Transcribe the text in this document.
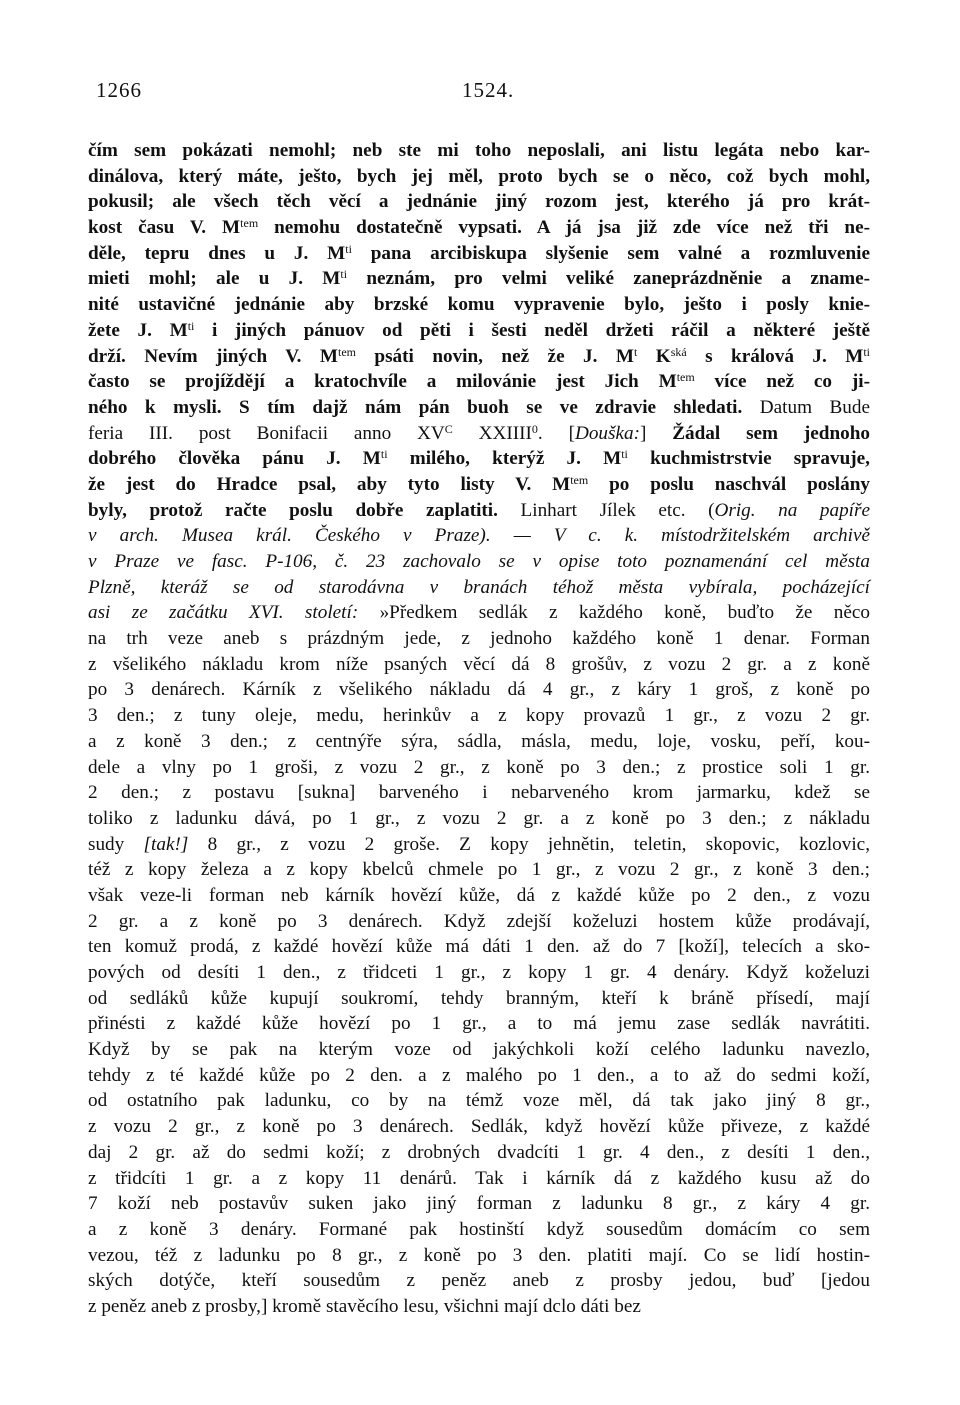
1266	1524.
čím sem pokázati nemohl; neb ste mi toho neposlali, ani listu legáta nebo kar-
dinálova, který máte, ješto, bych jej měl, proto bych se o něco, což bych mohl,
pokusil; ale všech těch věcí a jednánie jiný rozom jest, kterého já pro krát-
kost času V. $M^{tem}$ nemohu dostatečně vypsati. A já jsa již zde více než tři ne-
děle, tepru dnes u J. $M^{ti}$ pana arcibiskupa slyšenie sem valné a rozmluvenie
mieti mohl; ale u J. $M^{ti}$ neznám, pro velmi veliké zaneprázdněnie a zname-
nité ustavičné jednánie aby brzské komu vypravenie bylo, ješto i posly knie-
žete J. $M^{ti}$ i jiných pánuov od pěti i šesti neděl držeti ráčil a některé ještě
drží. Nevím jiných V. $M^{tem}$ psáti novin, než že J. $M^t$ $K^{ská}$ s králová J. $M^{ti}$
často se projíždějí a kratochvíle a milovánie jest Jich $M^{tem}$ více než co ji-
ného k mysli. S tím dajž nám pán buoh se ve zdravie shledati. Datum Bude
feria III. post Bonifacii anno $XV^C$ XXIIII$^0$. [Douška:] Žádal sem jednoho
dobrého člověka pánu J. $M^{ti}$ milého, kterýž J. $M^{ti}$ kuchmistrstvie spravuje,
že jest do Hradce psal, aby tyto listy V. $M^{tem}$ po poslu naschvál poslány
byly, protož račte poslu dobře zaplatiti. Linhart Jílek etc. (Orig. na papíře
v arch. Musea král. Českého v Praze). — V c. k. místodržitelském archivě
v Praze ve fasc. P-106, č. 23 zachovalo se v opise toto poznamenání cel města
Plzně, kteráž se od starodávna v branách téhož města vybírala, pocházející
asi ze začátku XVI. století: »Předkem sedlák z každého koně, buďto že něco
na trh veze aneb s prázdným jede, z jednoho každého koně 1 denar. Forman
z všelikého nákladu krom níže psaných věcí dá 8 grošův, z vozu 2 gr. a z koně
po 3 denárech. Kárník z všelikého nákladu dá 4 gr., z káry 1 groš, z koně po
3 den.; z tuny oleje, medu, herinkův a z kopy provazů 1 gr., z vozu 2 gr.
a z koně 3 den.; z centnýře sýra, sádla, másla, medu, loje, vosku, peří, kou-
dele a vlny po 1 groši, z vozu 2 gr., z koně po 3 den.; z prostice soli 1 gr.
2 den.; z postavu [sukna] barveného i nebarveného krom jarmarku, kdež se
toliko z ladunku dává, po 1 gr., z vozu 2 gr. a z koně po 3 den.; z nákladu
sudy [tak!] 8 gr., z vozu 2 groše. Z kopy jehnětin, teletin, skopovic, kozlovic,
též z kopy železa a z kopy kbelců chmele po 1 gr., z vozu 2 gr., z koně 3 den.;
však veze-li forman neb kárník hovězí kůže, dá z každé kůže po 2 den., z vozu
2 gr. a z koně po 3 denárech. Když zdejší koželuzi hostem kůže prodávají,
ten komuž prodá, z každé hovězí kůže má dáti 1 den. až do 7 [koží], telecích a sko-
pových od desíti 1 den., z třidceti 1 gr., z kopy 1 gr. 4 denáry. Když koželuzi
od sedláků kůže kupují soukromí, tehdy branným, kteří k bráně přísedí, mají
přinésti z každé kůže hovězí po 1 gr., a to má jemu zase sedlák navrátiti.
Když by se pak na kterým voze od jakýchkoli koží celého ladunku navezlo,
tehdy z té každé kůže po 2 den. a z malého po 1 den., a to až do sedmi koží,
od ostatního pak ladunku, co by na témž voze měl, dá tak jako jiný 8 gr.,
z vozu 2 gr., z koně po 3 denárech. Sedlák, když hovězí kůže přiveze, z každé
daj 2 gr. až do sedmi koží; z drobných dvadcíti 1 gr. 4 den., z desíti 1 den.,
z třidcíti 1 gr. a z kopy 11 denárů. Tak i kárník dá z každého kusu až do
7 koží neb postavův suken jako jiný forman z ladunku 8 gr., z káry 4 gr.
a z koně 3 denáry. Formané pak hostinští když sousedům domácím co sem
vezou, též z ladunku po 8 gr., z koně po 3 den. platiti mají. Co se lidí hostin-
ských dotýče, kteří sousedům z peněz aneb z prosby jedou, buď [jedou
z peněz aneb z prosby,] kromě stavěcího lesu, všichni mají dclo dáti bez
